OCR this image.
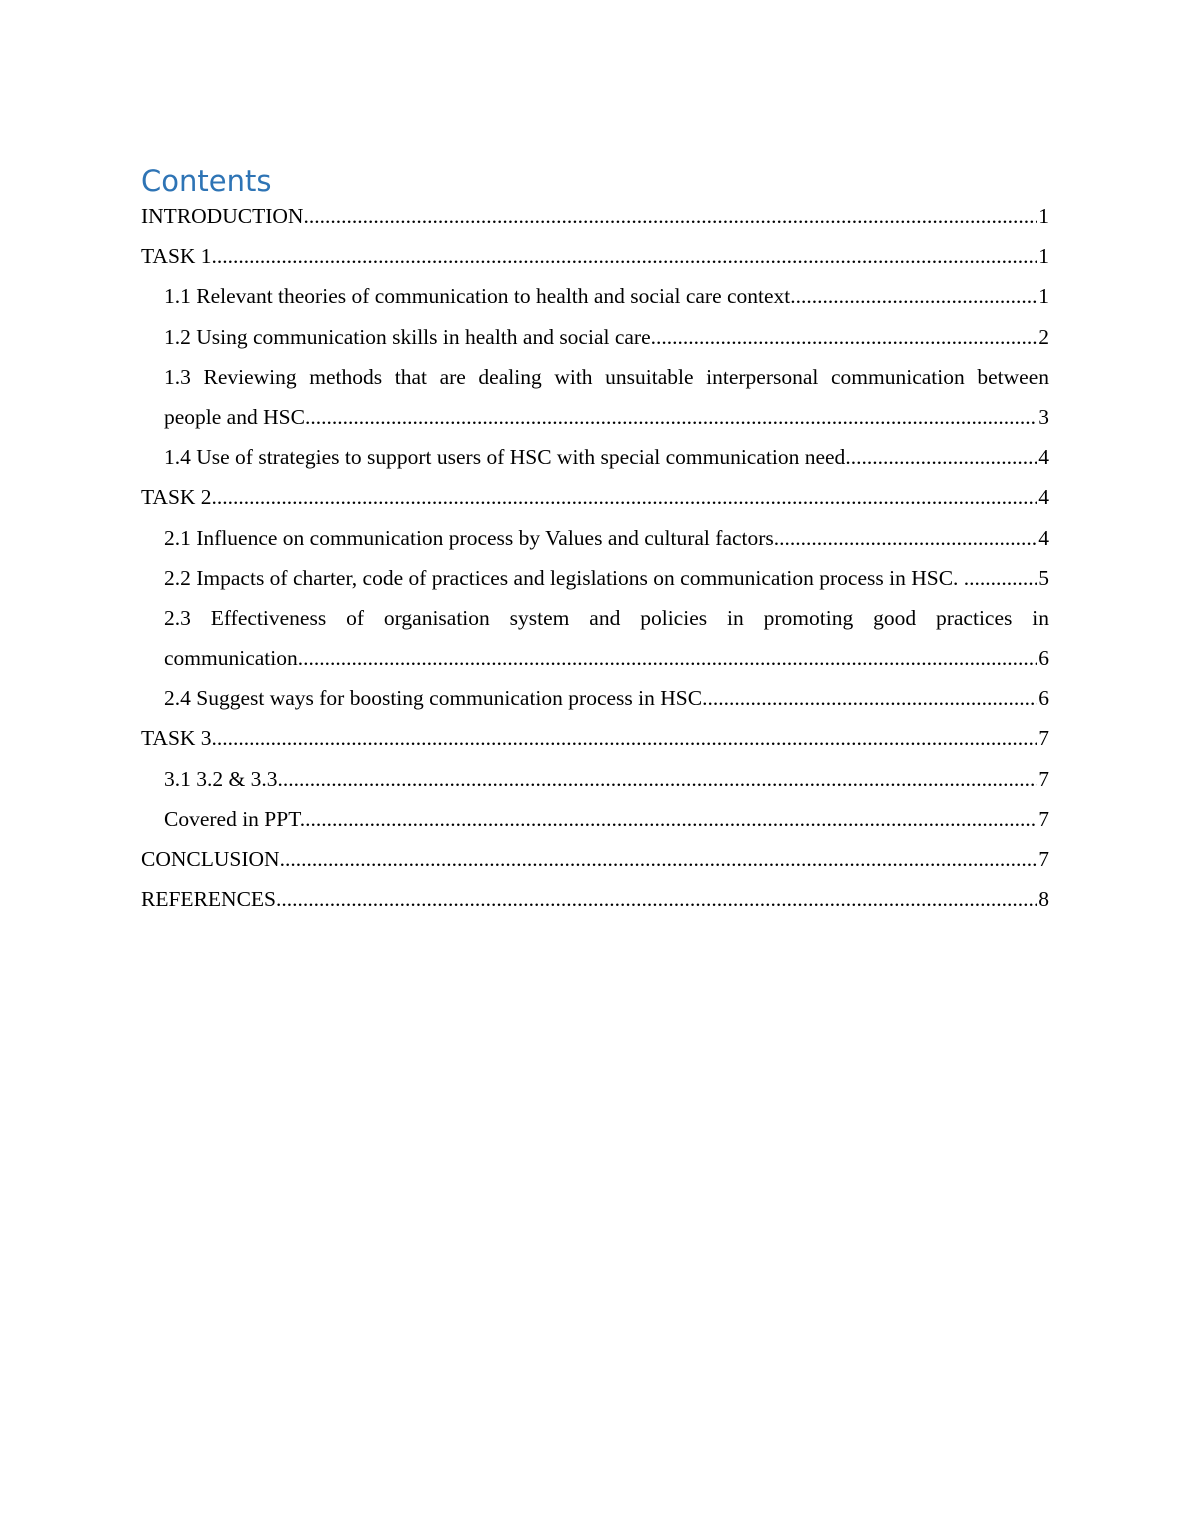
Contents
INTRODUCTION .....	1
TASK 1 .....	1
1.1 Relevant theories of communication to health and social care context .....	1
1.2 Using communication skills in health and social care .....	2
1.3 Reviewing methods that are dealing with unsuitable interpersonal communication between
people and HSC .....	3
1.4 Use of strategies to support users of HSC with special communication need .....	4
TASK 2 .....	4
2.1 Influence on communication process by Values and cultural factors .....	4
2.2 Impacts of charter, code of practices and legislations on communication process in HSC. . .....	5
2.3 Effectiveness of organisation system and policies in promoting good practices in
communication .....	6
2.4 Suggest ways for boosting communication process in HSC .....	6
TASK 3 .....	7
3.1 3.2 & 3.3 .....	7
Covered in PPT .....	7
CONCLUSION .....	7
REFERENCES .....	8
